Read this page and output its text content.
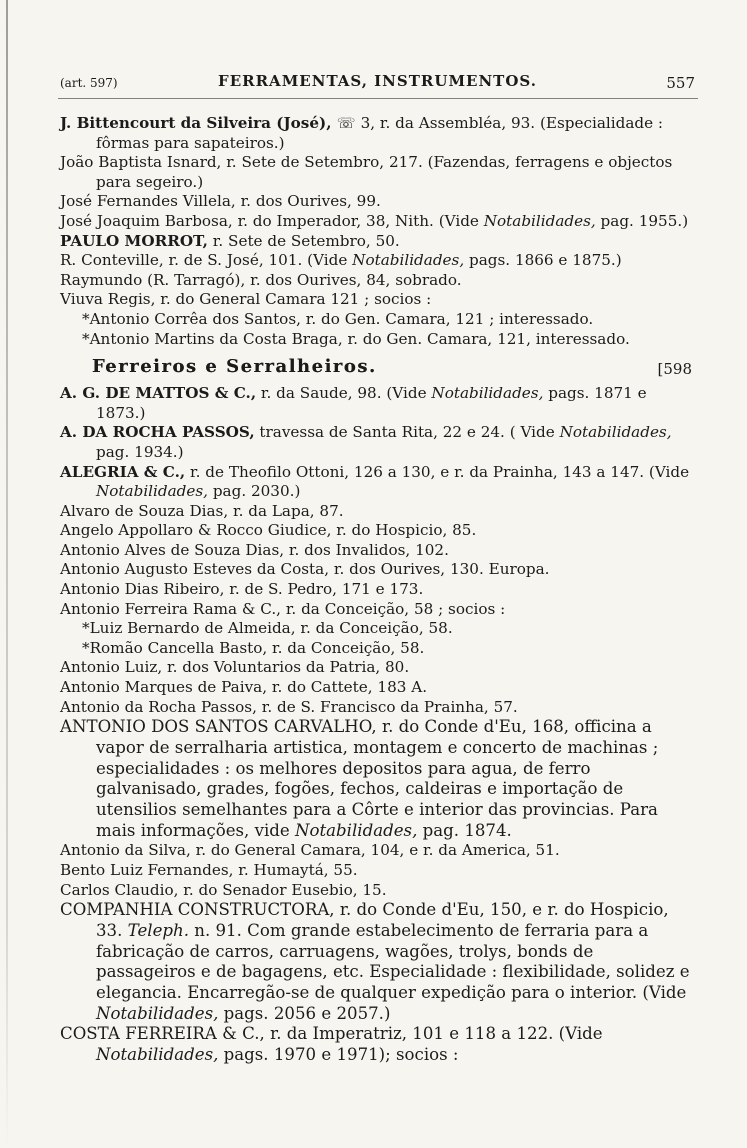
(art. 597)	FERRAMENTAS, INSTRUMENTOS.	557

J. Bittencourt da Silveira (José), ☏ 3, r. da Assembléa, 93. (Especialidade : fôrmas para sapateiros.)

João Baptista Isnard, r. Sete de Setembro, 217. (Fazendas, ferragens e objectos para segeiro.)

José Fernandes Villela, r. dos Ourives, 99.

José Joaquim Barbosa, r. do Imperador, 38, Nith. (Vide Notabilidades, pag. 1955.)

PAULO MORROT, r. Sete de Setembro, 50.

R. Conteville, r. de S. José, 101. (Vide Notabilidades, pags. 1866 e 1875.)

Raymundo (R. Tarragó), r. dos Ourives, 84, sobrado.

Viuva Regis, r. do General Camara 121 ; socios :

*Antonio Corrêa dos Santos, r. do Gen. Camara, 121 ; interessado.

*Antonio Martins da Costa Braga, r. do Gen. Camara, 121, interessado.

Ferreiros e Serralheiros.	[598

A. G. DE MATTOS & C., r. da Saude, 98. (Vide Notabilidades, pags. 1871 e 1873.)

A. DA ROCHA PASSOS, travessa de Santa Rita, 22 e 24. ( Vide Notabilidades, pag. 1934.)

ALEGRIA & C., r. de Theofilo Ottoni, 126 a 130, e r. da Prainha, 143 a 147. (Vide Notabilidades, pag. 2030.)

Alvaro de Souza Dias, r. da Lapa, 87.

Angelo Appollaro & Rocco Giudice, r. do Hospicio, 85.

Antonio Alves de Souza Dias, r. dos Invalidos, 102.

Antonio Augusto Esteves da Costa, r. dos Ourives, 130. Europa.

Antonio Dias Ribeiro, r. de S. Pedro, 171 e 173.

Antonio Ferreira Rama & C., r. da Conceição, 58 ; socios :

*Luiz Bernardo de Almeida, r. da Conceição, 58.

*Romão Cancella Basto, r. da Conceição, 58.

Antonio Luiz, r. dos Voluntarios da Patria, 80.

Antonio Marques de Paiva, r. do Cattete, 183 A.

Antonio da Rocha Passos, r. de S. Francisco da Prainha, 57.

ANTONIO DOS SANTOS CARVALHO, r. do Conde d'Eu, 168, officina a vapor de serralharia artistica, montagem e concerto de machinas ; especialidades : os melhores depositos para agua, de ferro galvanisado, grades, fogões, fechos, caldeiras e importação de utensilios semelhantes para a Côrte e interior das provincias. Para mais informações, vide Notabilidades, pag. 1874.

Antonio da Silva, r. do General Camara, 104, e r. da America, 51.

Bento Luiz Fernandes, r. Humaytá, 55.

Carlos Claudio, r. do Senador Eusebio, 15.

COMPANHIA CONSTRUCTORA, r. do Conde d'Eu, 150, e r. do Hospicio, 33. Teleph. n. 91. Com grande estabelecimento de ferraria para a fabricação de carros, carruagens, wagões, trolys, bonds de passageiros e de bagagens, etc. Especialidade : flexibilidade, solidez e elegancia. Encarregão-se de qualquer expedição para o interior. (Vide Notabilidades, pags. 2056 e 2057.)

COSTA FERREIRA & C., r. da Imperatriz, 101 e 118 a 122. (Vide Notabilidades, pags. 1970 e 1971); socios :
